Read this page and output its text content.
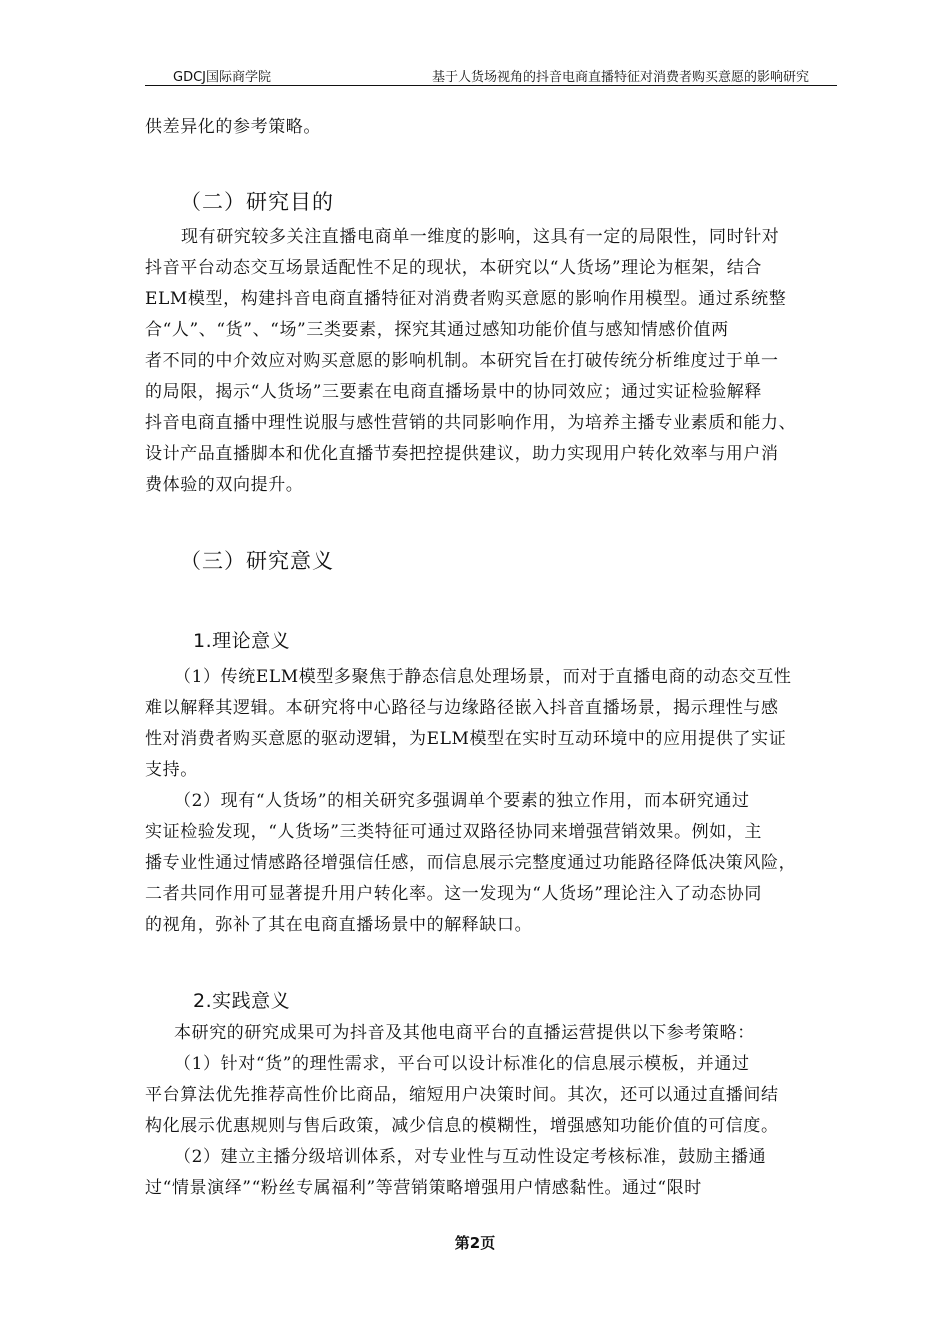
GDCJ国际商学院	基于人货场视角的抖音电商直播特征对消费者购买意愿的影响研究
供差异化的参考策略。
（二）研究目的
现有研究较多关注直播电商单一维度的影响，这具有一定的局限性，同时针对
抖音平台动态交互场景适配性不足的现状，本研究以“人货场”理论为框架，结合
ELM模型，构建抖音电商直播特征对消费者购买意愿的影响作用模型。通过系统整
合“人”、“货”、“场”三类要素，探究其通过感知功能价值与感知情感价值两
者不同的中介效应对购买意愿的影响机制。本研究旨在打破传统分析维度过于单一
的局限，揭示“人货场”三要素在电商直播场景中的协同效应；通过实证检验解释
抖音电商直播中理性说服与感性营销的共同影响作用，为培养主播专业素质和能力、
设计产品直播脚本和优化直播节奏把控提供建议，助力实现用户转化效率与用户消
费体验的双向提升。
（三）研究意义
1.理论意义
（1）传统ELM模型多聚焦于静态信息处理场景，而对于直播电商的动态交互性
难以解释其逻辑。本研究将中心路径与边缘路径嵌入抖音直播场景，揭示理性与感
性对消费者购买意愿的驱动逻辑，为ELM模型在实时互动环境中的应用提供了实证
支持。
（2）现有“人货场”的相关研究多强调单个要素的独立作用，而本研究通过
实证检验发现，“人货场”三类特征可通过双路径协同来增强营销效果。例如，主
播专业性通过情感路径增强信任感，而信息展示完整度通过功能路径降低决策风险，
二者共同作用可显著提升用户转化率。这一发现为“人货场”理论注入了动态协同
的视角，弥补了其在电商直播场景中的解释缺口。
2.实践意义
本研究的研究成果可为抖音及其他电商平台的直播运营提供以下参考策略：
（1）针对“货”的理性需求，平台可以设计标准化的信息展示模板，并通过
平台算法优先推荐高性价比商品，缩短用户决策时间。其次，还可以通过直播间结
构化展示优惠规则与售后政策，减少信息的模糊性，增强感知功能价值的可信度。
（2）建立主播分级培训体系，对专业性与互动性设定考核标准，鼓励主播通
过“情景演绎”“粉丝专属福利”等营销策略增强用户情感黏性。通过“限时
第2页
